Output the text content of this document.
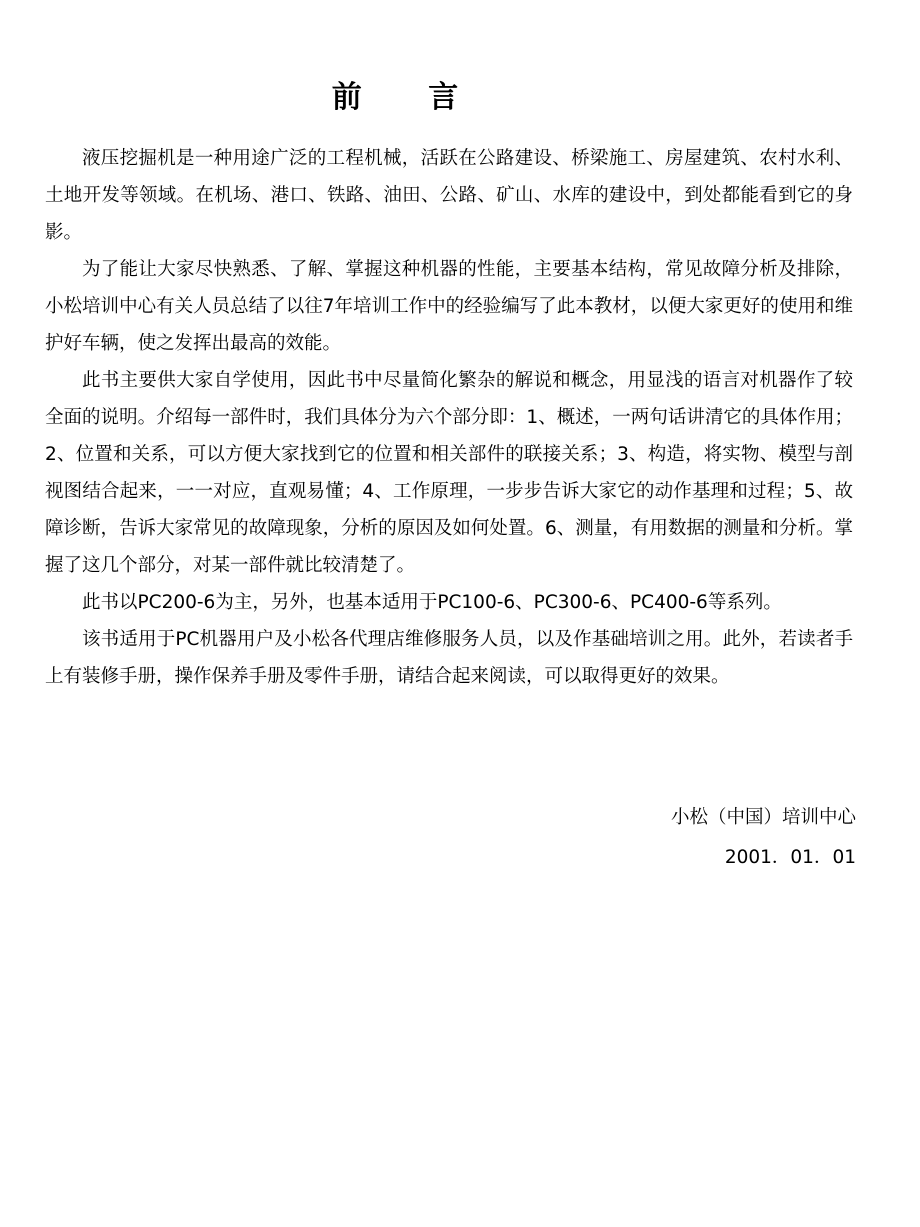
前 言

液压挖掘机是一种用途广泛的工程机械，活跃在公路建设、桥梁施工、房屋建筑、农村水利、土地开发等领域。在机场、港口、铁路、油田、公路、矿山、水库的建设中，到处都能看到它的身影。

为了能让大家尽快熟悉、了解、掌握这种机器的性能，主要基本结构，常见故障分析及排除，小松培训中心有关人员总结了以往7年培训工作中的经验编写了此本教材，以便大家更好的使用和维护好车辆，使之发挥出最高的效能。

此书主要供大家自学使用，因此书中尽量简化繁杂的解说和概念，用显浅的语言对机器作了较全面的说明。介绍每一部件时，我们具体分为六个部分即：1、概述，一两句话讲清它的具体作用；2、位置和关系，可以方便大家找到它的位置和相关部件的联接关系；3、构造，将实物、模型与剖视图结合起来，一一对应，直观易懂；4、工作原理，一步步告诉大家它的动作基理和过程；5、故障诊断，告诉大家常见的故障现象，分析的原因及如何处置。6、测量，有用数据的测量和分析。掌握了这几个部分，对某一部件就比较清楚了。

此书以PC200-6为主，另外，也基本适用于PC100-6、PC300-6、PC400-6等系列。

该书适用于PC机器用户及小松各代理店维修服务人员，以及作基础培训之用。此外，若读者手上有装修手册，操作保养手册及零件手册，请结合起来阅读，可以取得更好的效果。

小松（中国）培训中心
2001．01．01
